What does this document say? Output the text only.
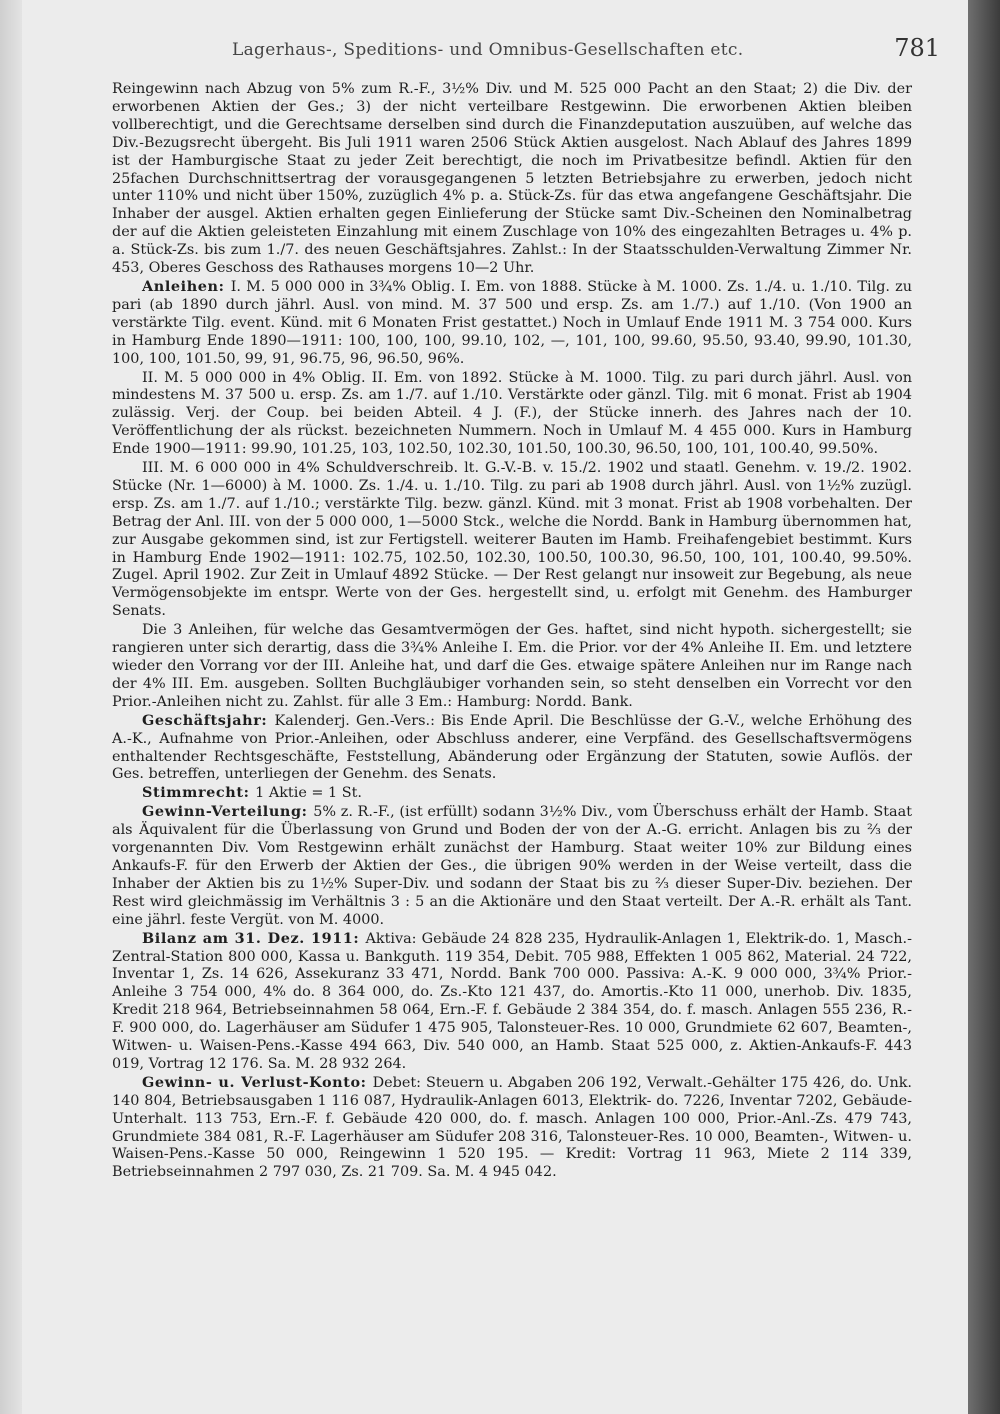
Lagerhaus-, Speditions- und Omnibus-Gesellschaften etc.	781

Reingewinn nach Abzug von 5% zum R.-F., 3½% Div. und M. 525 000 Pacht an den Staat; 2) die Div. der erworbenen Aktien der Ges.; 3) der nicht verteilbare Restgewinn. Die erworbenen Aktien bleiben vollberechtigt, und die Gerechtsame derselben sind durch die Finanzdeputation auszuüben, auf welche das Div.-Bezugsrecht übergeht. Bis Juli 1911 waren 2506 Stück Aktien ausgelost. Nach Ablauf des Jahres 1899 ist der Hamburgische Staat zu jeder Zeit berechtigt, die noch im Privatbesitze befindl. Aktien für den 25fachen Durchschnittsertrag der vorausgegangenen 5 letzten Betriebsjahre zu erwerben, jedoch nicht unter 110% und nicht über 150%, zuzüglich 4% p. a. Stück-Zs. für das etwa angefangene Geschäftsjahr. Die Inhaber der ausgel. Aktien erhalten gegen Einlieferung der Stücke samt Div.-Scheinen den Nominalbetrag der auf die Aktien geleisteten Einzahlung mit einem Zuschlage von 10% des eingezahlten Betrages u. 4% p. a. Stück-Zs. bis zum 1./7. des neuen Geschäftsjahres. Zahlst.: In der Staatsschulden-Verwaltung Zimmer Nr. 453, Oberes Geschoss des Rathauses morgens 10—2 Uhr.

Anleihen: I. M. 5 000 000 in 3¾% Oblig. I. Em. von 1888. Stücke à M. 1000. Zs. 1./4. u. 1./10. Tilg. zu pari (ab 1890 durch jährl. Ausl. von mind. M. 37 500 und ersp. Zs. am 1./7.) auf 1./10. (Von 1900 an verstärkte Tilg. event. Künd. mit 6 Monaten Frist gestattet.) Noch in Umlauf Ende 1911 M. 3 754 000. Kurs in Hamburg Ende 1890—1911: 100, 100, 100, 99.10, 102, —, 101, 100, 99.60, 95.50, 93.40, 99.90, 101.30, 100, 100, 101.50, 99, 91, 96.75, 96, 96.50, 96%.

II. M. 5 000 000 in 4% Oblig. II. Em. von 1892. Stücke à M. 1000. Tilg. zu pari durch jährl. Ausl. von mindestens M. 37 500 u. ersp. Zs. am 1./7. auf 1./10. Verstärkte oder gänzl. Tilg. mit 6 monat. Frist ab 1904 zulässig. Verj. der Coup. bei beiden Abteil. 4 J. (F.), der Stücke innerh. des Jahres nach der 10. Veröffentlichung der als rückst. bezeichneten Nummern. Noch in Umlauf M. 4 455 000. Kurs in Hamburg Ende 1900—1911: 99.90, 101.25, 103, 102.50, 102.30, 101.50, 100.30, 96.50, 100, 101, 100.40, 99.50%.

III. M. 6 000 000 in 4% Schuldverschreib. lt. G.-V.-B. v. 15./2. 1902 und staatl. Genehm. v. 19./2. 1902. Stücke (Nr. 1—6000) à M. 1000. Zs. 1./4. u. 1./10. Tilg. zu pari ab 1908 durch jährl. Ausl. von 1½% zuzügl. ersp. Zs. am 1./7. auf 1./10.; verstärkte Tilg. bezw. gänzl. Künd. mit 3 monat. Frist ab 1908 vorbehalten. Der Betrag der Anl. III. von der 5 000 000, 1—5000 Stck., welche die Nordd. Bank in Hamburg übernommen hat, zur Ausgabe gekommen sind, ist zur Fertigstell. weiterer Bauten im Hamb. Freihafengebiet bestimmt. Kurs in Hamburg Ende 1902—1911: 102.75, 102.50, 102.30, 100.50, 100.30, 96.50, 100, 101, 100.40, 99.50%. Zugel. April 1902. Zur Zeit in Umlauf 4892 Stücke. — Der Rest gelangt nur insoweit zur Begebung, als neue Vermögensobjekte im entspr. Werte von der Ges. hergestellt sind, u. erfolgt mit Genehm. des Hamburger Senats.

Die 3 Anleihen, für welche das Gesamtvermögen der Ges. haftet, sind nicht hypoth. sichergestellt; sie rangieren unter sich derartig, dass die 3¾% Anleihe I. Em. die Prior. vor der 4% Anleihe II. Em. und letztere wieder den Vorrang vor der III. Anleihe hat, und darf die Ges. etwaige spätere Anleihen nur im Range nach der 4% III. Em. ausgeben. Sollten Buchgläubiger vorhanden sein, so steht denselben ein Vorrecht vor den Prior.-Anleihen nicht zu. Zahlst. für alle 3 Em.: Hamburg: Nordd. Bank.

Geschäftsjahr: Kalenderj. Gen.-Vers.: Bis Ende April. Die Beschlüsse der G.-V., welche Erhöhung des A.-K., Aufnahme von Prior.-Anleihen, oder Abschluss anderer, eine Verpfänd. des Gesellschaftsvermögens enthaltender Rechtsgeschäfte, Feststellung, Abänderung oder Ergänzung der Statuten, sowie Auflös. der Ges. betreffen, unterliegen der Genehm. des Senats.

Stimmrecht: 1 Aktie = 1 St.

Gewinn-Verteilung: 5% z. R.-F., (ist erfüllt) sodann 3½% Div., vom Überschuss erhält der Hamb. Staat als Äquivalent für die Überlassung von Grund und Boden der von der A.-G. erricht. Anlagen bis zu ⅔ der vorgenannten Div. Vom Restgewinn erhält zunächst der Hamburg. Staat weiter 10% zur Bildung eines Ankaufs-F. für den Erwerb der Aktien der Ges., die übrigen 90% werden in der Weise verteilt, dass die Inhaber der Aktien bis zu 1½% Super-Div. und sodann der Staat bis zu ⅔ dieser Super-Div. beziehen. Der Rest wird gleichmässig im Verhältnis 3 : 5 an die Aktionäre und den Staat verteilt. Der A.-R. erhält als Tant. eine jährl. feste Vergüt. von M. 4000.

Bilanz am 31. Dez. 1911: Aktiva: Gebäude 24 828 235, Hydraulik-Anlagen 1, Elektrik-do. 1, Masch.-Zentral-Station 800 000, Kassa u. Bankguth. 119 354, Debit. 705 988, Effekten 1 005 862, Material. 24 722, Inventar 1, Zs. 14 626, Assekuranz 33 471, Nordd. Bank 700 000. Passiva: A.-K. 9 000 000, 3¾% Prior.-Anleihe 3 754 000, 4% do. 8 364 000, do. Zs.-Kto 121 437, do. Amortis.-Kto 11 000, unerhob. Div. 1835, Kredit 218 964, Betriebseinnahmen 58 064, Ern.-F. f. Gebäude 2 384 354, do. f. masch. Anlagen 555 236, R.-F. 900 000, do. Lagerhäuser am Südufer 1 475 905, Talonsteuer-Res. 10 000, Grundmiete 62 607, Beamten-, Witwen- u. Waisen-Pens.-Kasse 494 663, Div. 540 000, an Hamb. Staat 525 000, z. Aktien-Ankaufs-F. 443 019, Vortrag 12 176. Sa. M. 28 932 264.

Gewinn- u. Verlust-Konto: Debet: Steuern u. Abgaben 206 192, Verwalt.-Gehälter 175 426, do. Unk. 140 804, Betriebsausgaben 1 116 087, Hydraulik-Anlagen 6013, Elektrik- do. 7226, Inventar 7202, Gebäude-Unterhalt. 113 753, Ern.-F. f. Gebäude 420 000, do. f. masch. Anlagen 100 000, Prior.-Anl.-Zs. 479 743, Grundmiete 384 081, R.-F. Lagerhäuser am Südufer 208 316, Talonsteuer-Res. 10 000, Beamten-, Witwen- u. Waisen-Pens.-Kasse 50 000, Reingewinn 1 520 195. — Kredit: Vortrag 11 963, Miete 2 114 339, Betriebseinnahmen 2 797 030, Zs. 21 709. Sa. M. 4 945 042.
